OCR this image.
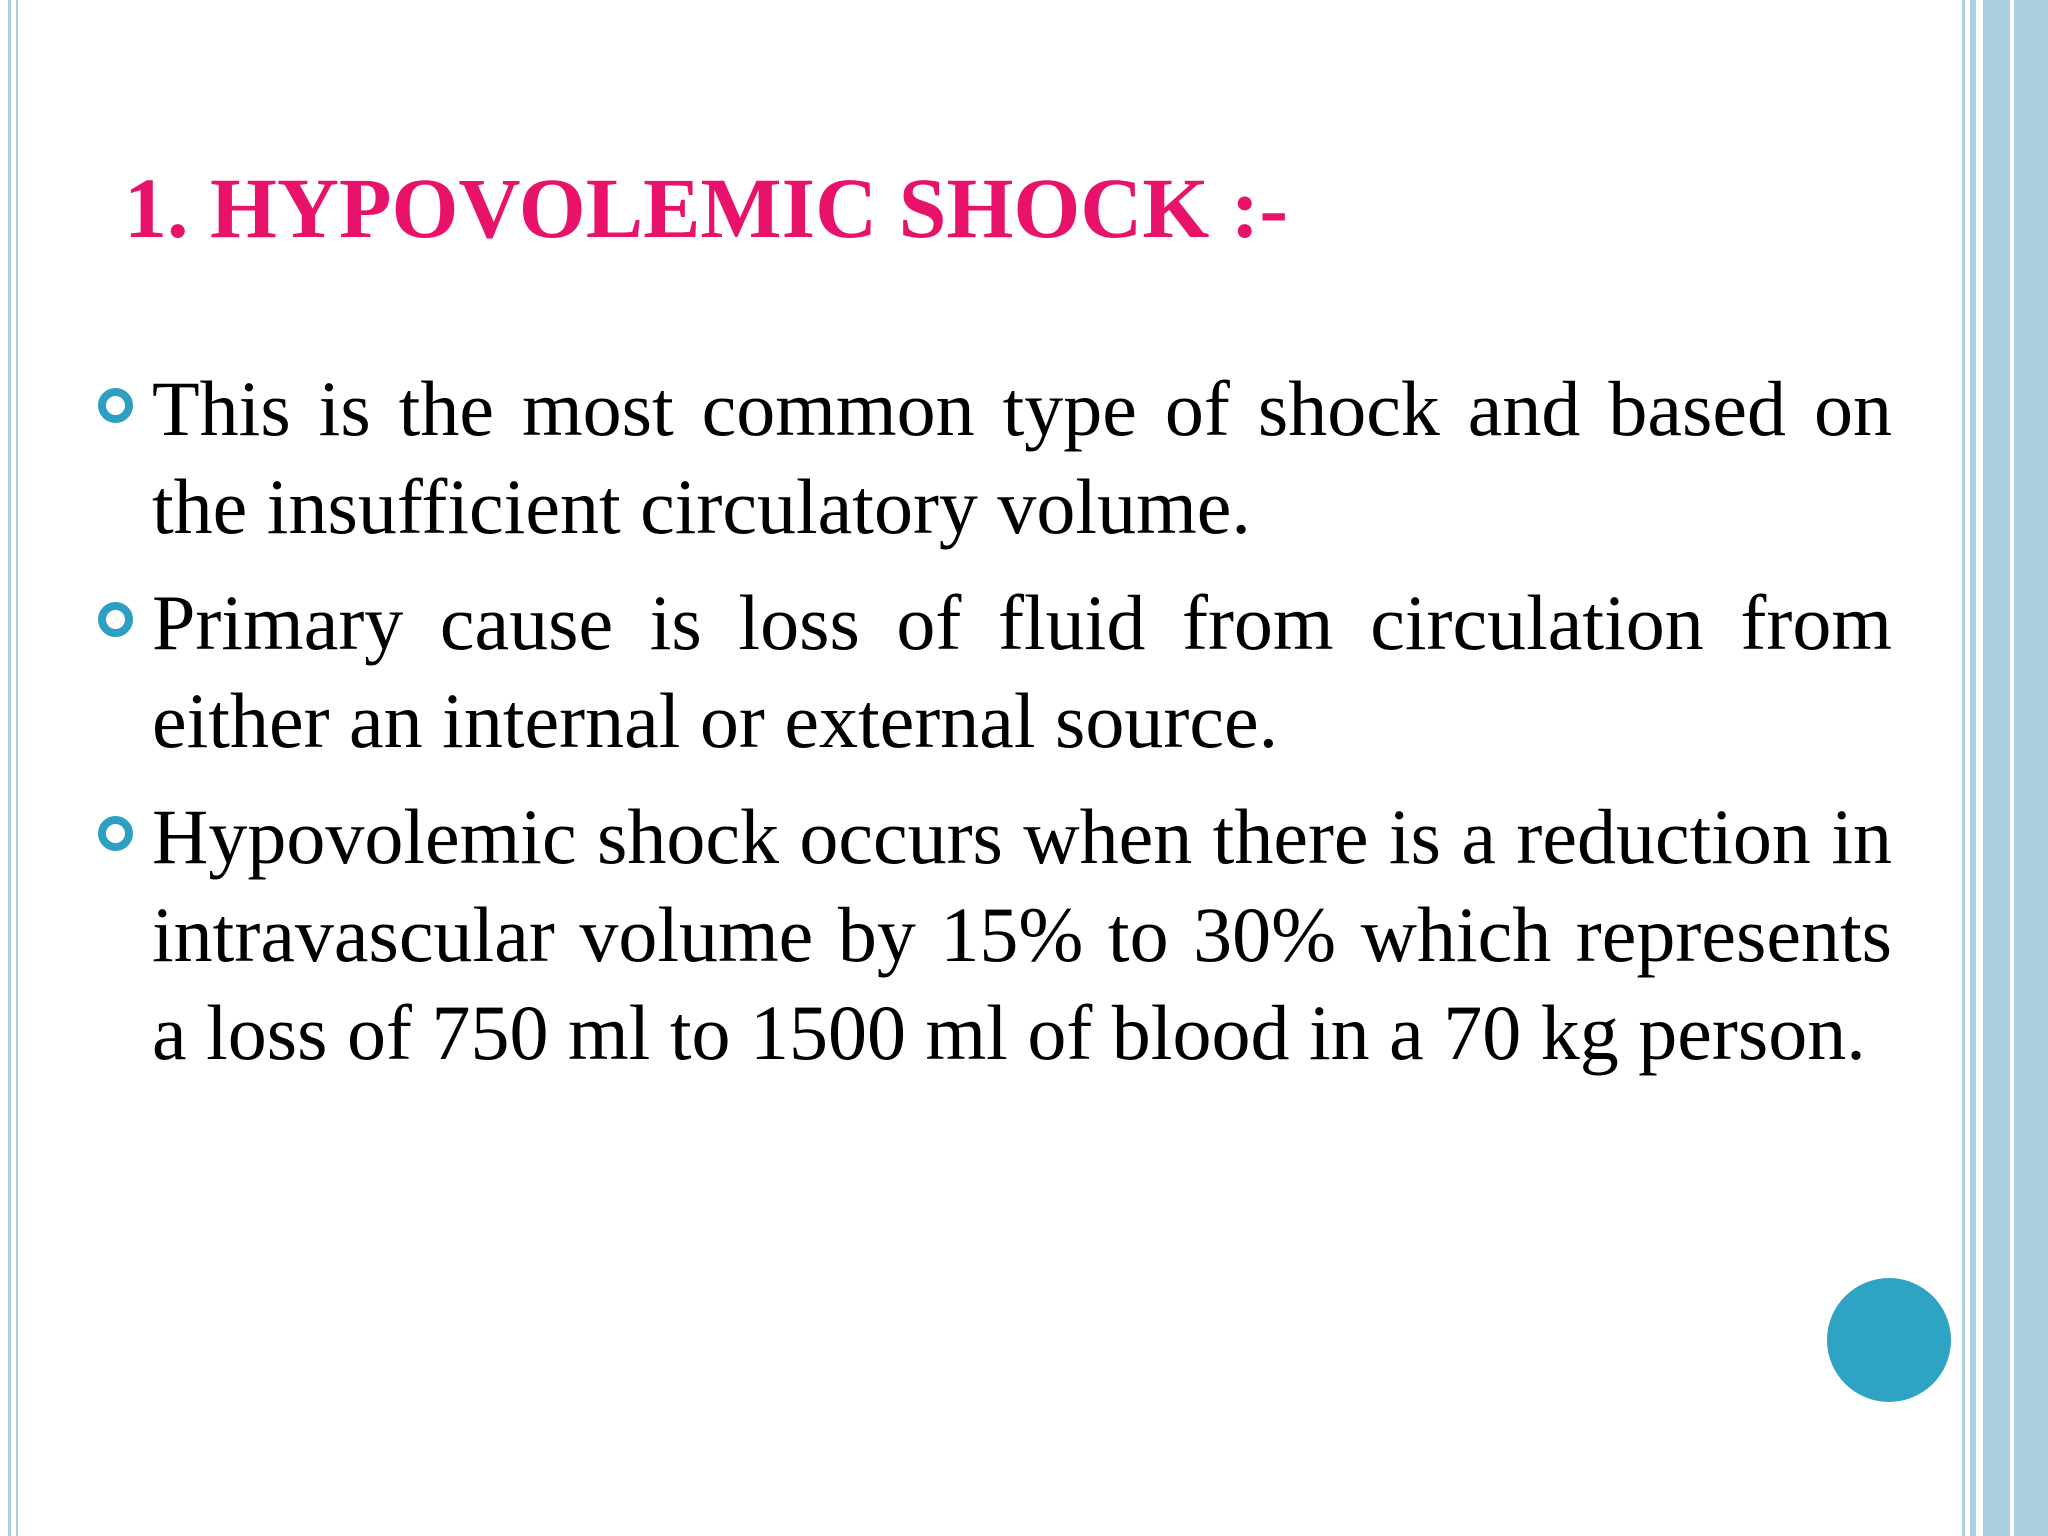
1. HYPOVOLEMIC SHOCK :-
This is the most common type of shock and based on the insufficient circulatory volume.
Primary cause is loss of fluid from circulation from either an internal or external source.
Hypovolemic shock occurs when there is a reduction in intravascular volume by 15% to 30% which represents a loss of 750 ml to 1500 ml of blood in a 70 kg person.
